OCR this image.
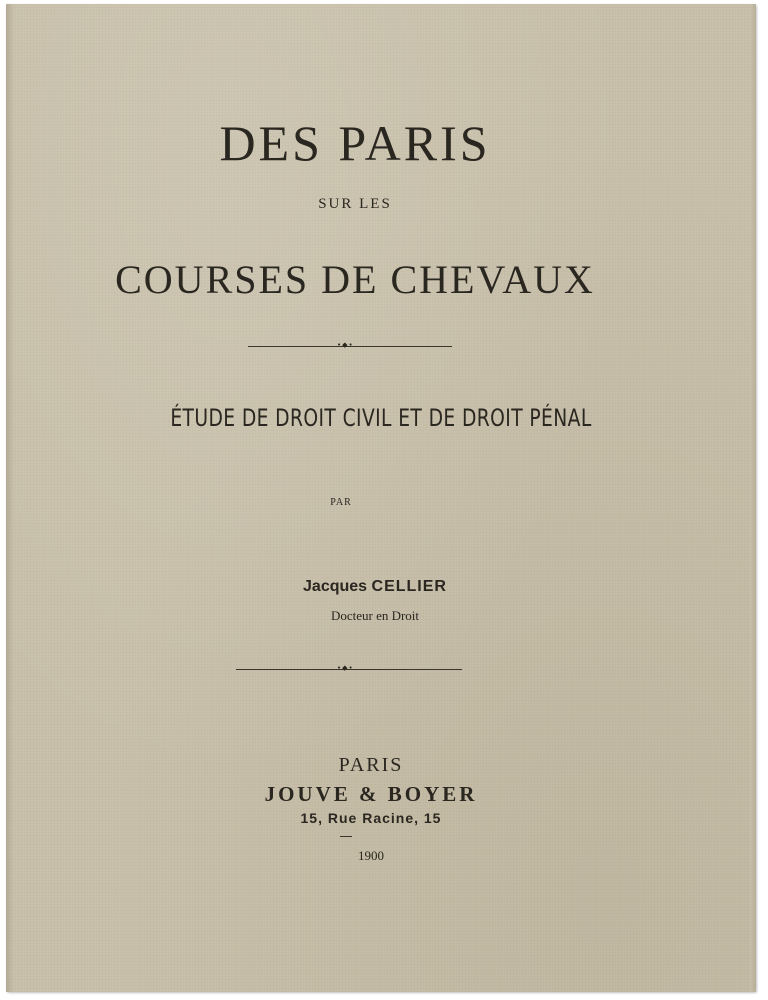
DES PARIS
SUR LES
COURSES DE CHEVAUX
•◆•
ÉTUDE DE DROIT CIVIL ET DE DROIT PÉNAL
PAR
Jacques CELLIER
Docteur en Droit
•◆•
PARIS
JOUVE & BOYER
15, Rue Racine, 15
1900
